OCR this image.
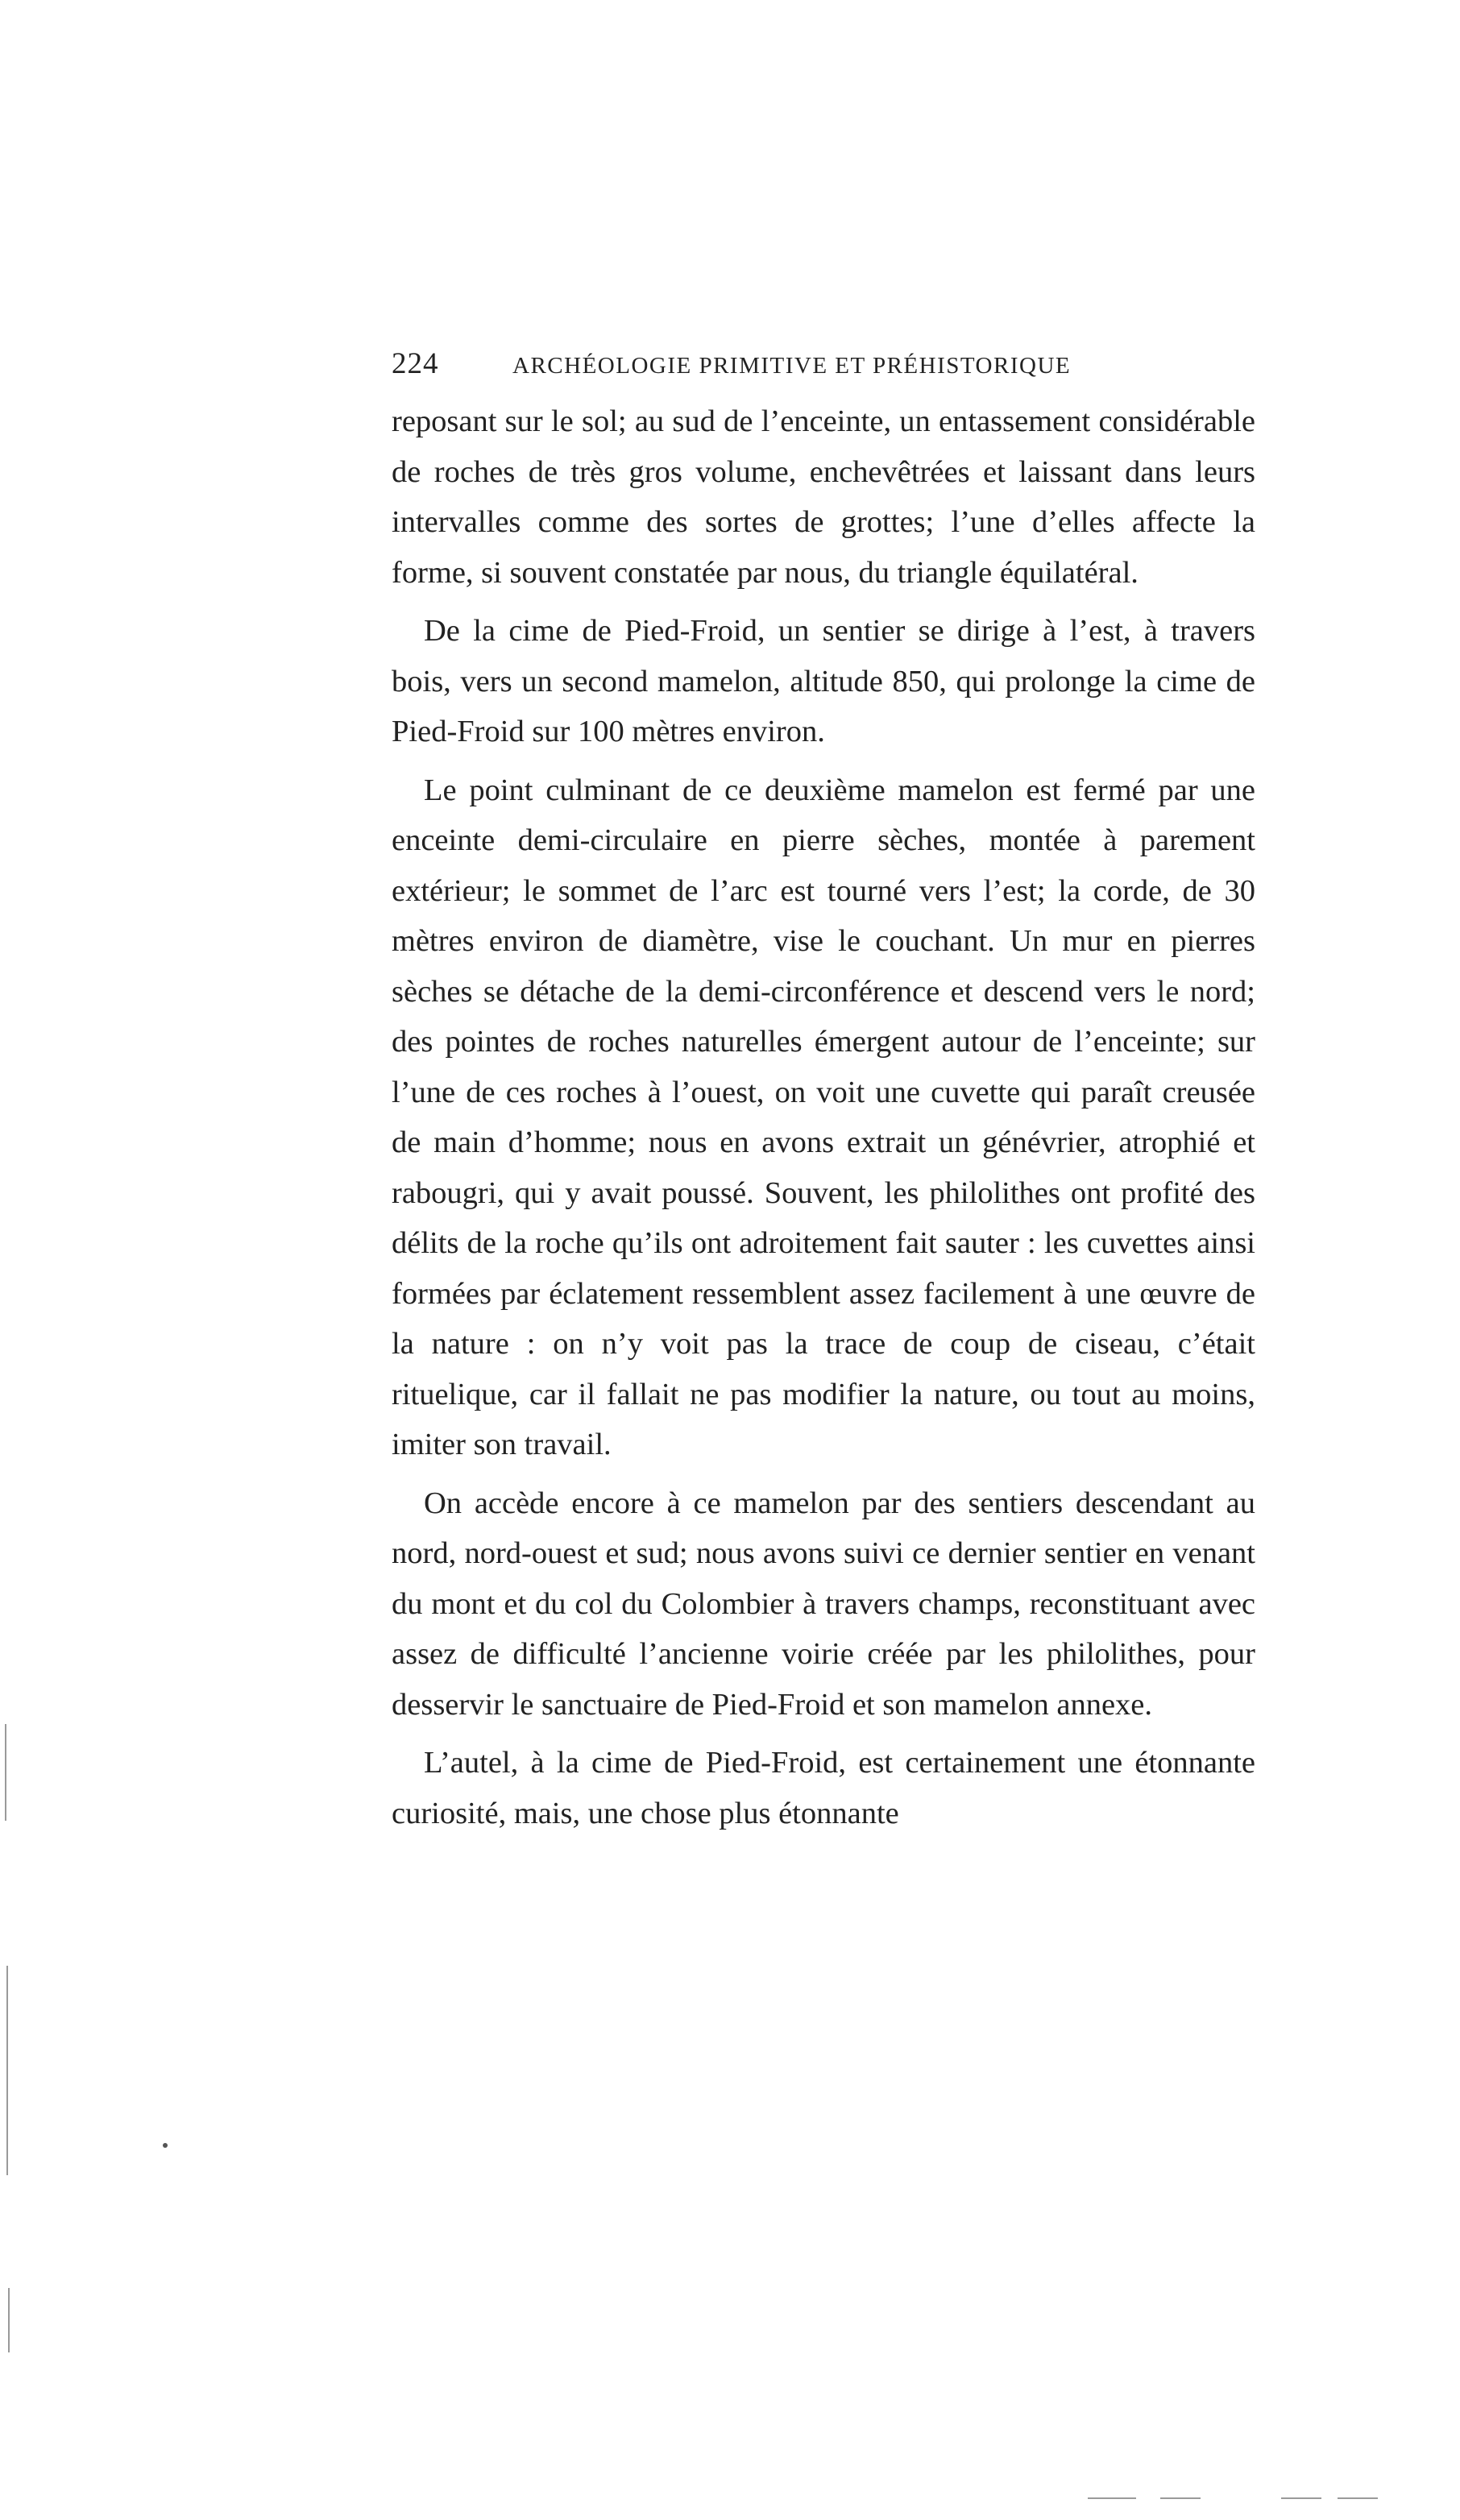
224	ARCHÉOLOGIE PRIMITIVE ET PRÉHISTORIQUE

reposant sur le sol; au sud de l’enceinte, un entassement considérable de roches de très gros volume, enchevêtrées et laissant dans leurs intervalles comme des sortes de grottes; l’une d’elles affecte la forme, si souvent constatée par nous, du triangle équilatéral.

De la cime de Pied-Froid, un sentier se dirige à l’est, à travers bois, vers un second mamelon, altitude 850, qui prolonge la cime de Pied-Froid sur 100 mètres environ.

Le point culminant de ce deuxième mamelon est fermé par une enceinte demi-circulaire en pierre sèches, montée à parement extérieur; le sommet de l’arc est tourné vers l’est; la corde, de 30 mètres environ de diamètre, vise le couchant. Un mur en pierres sèches se détache de la demi-circonférence et descend vers le nord; des pointes de roches naturelles émergent autour de l’enceinte; sur l’une de ces roches à l’ouest, on voit une cuvette qui paraît creusée de main d’homme; nous en avons extrait un génévrier, atrophié et rabougri, qui y avait poussé. Souvent, les philolithes ont profité des délits de la roche qu’ils ont adroitement fait sauter : les cuvettes ainsi formées par éclatement ressemblent assez facilement à une œuvre de la nature : on n’y voit pas la trace de coup de ciseau, c’était rituelique, car il fallait ne pas modifier la nature, ou tout au moins, imiter son travail.

On accède encore à ce mamelon par des sentiers descendant au nord, nord-ouest et sud; nous avons suivi ce dernier sentier en venant du mont et du col du Colombier à travers champs, reconstituant avec assez de difficulté l’ancienne voirie créée par les philolithes, pour desservir le sanctuaire de Pied-Froid et son mamelon annexe.

L’autel, à la cime de Pied-Froid, est certainement une étonnante curiosité, mais, une chose plus étonnante
